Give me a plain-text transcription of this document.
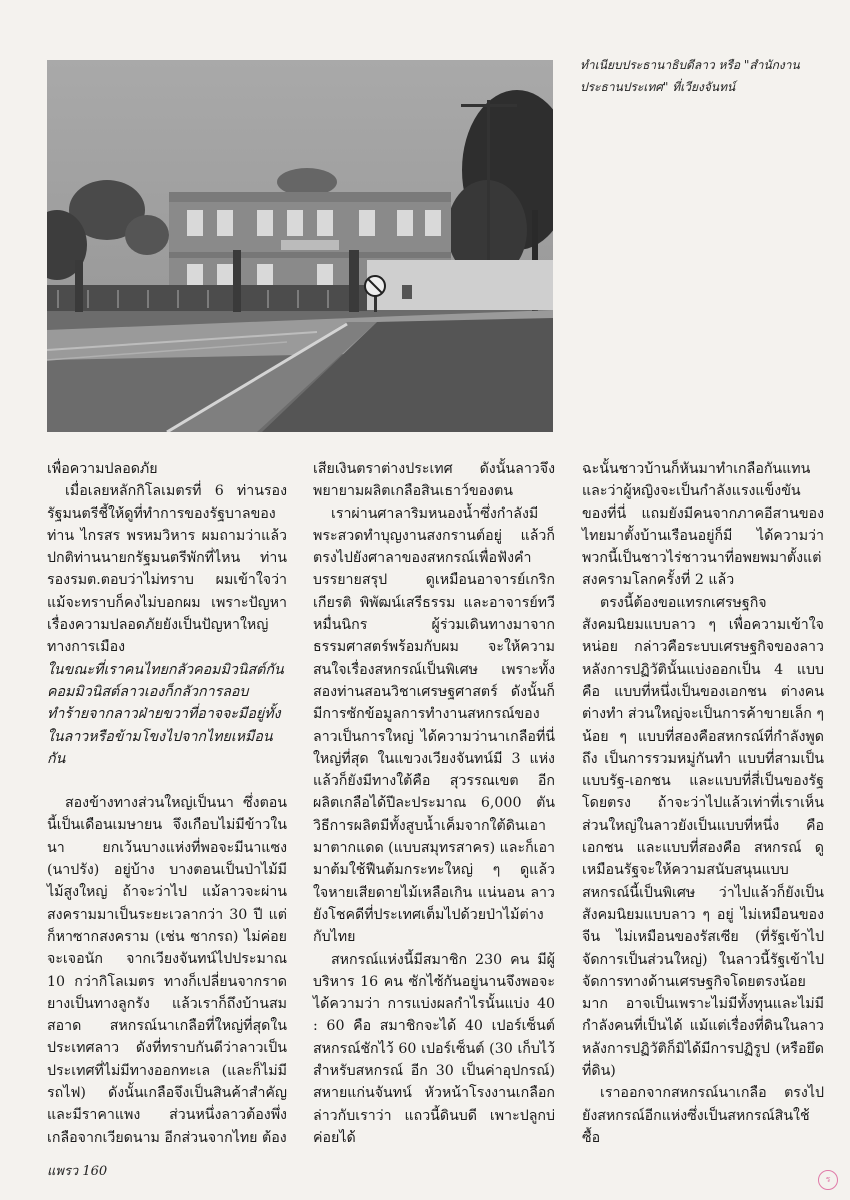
ทำเนียบประธานาธิบดีลาว หรือ "สำนักงานประธานประเทศ" ที่เวียงจันทน์

เพื่อความปลอดภัย

เมื่อเลยหลักกิโลเมตรที่ 6 ท่านรองรัฐมนตรีชี้ให้ดูที่ทำการของรัฐบาลของท่าน ไกรสร พรหมวิหาร ผมถามว่าแล้วปกติท่านนายกรัฐมนตรีพักที่ไหน ท่านรองรมต.ตอบว่าไม่ทราบ ผมเข้าใจว่าแม้จะทราบก็คงไม่บอกผม เพราะปัญหาเรื่องความปลอดภัยยังเป็นปัญหาใหญ่ทางการเมือง

ในขณะที่เราคนไทยกลัวคอมมิวนิสต์กัน คอมมิวนิสต์ลาวเองก็กลัวการลอบทำร้ายจากลาวฝ่ายขวาที่อาจจะมีอยู่ทั้งในลาวหรือข้ามโขงไปจากไทยเหมือนกัน

สองข้างทางส่วนใหญ่เป็นนา ซึ่งตอนนี้เป็นเดือนเมษายน จึงเกือบไม่มีข้าวในนา ยกเว้นบางแห่งที่พอจะมีนาแซง (นาปรัง) อยู่บ้าง บางตอนเป็นป่าไม้มีไม้สูงใหญ่ ถ้าจะว่าไป แม้ลาวจะผ่านสงครามมาเป็นระยะเวลากว่า 30 ปี แต่ก็หาซากสงคราม (เช่น ซากรถ) ไม่ค่อยจะเจอนัก จากเวียงจันทน์ไปประมาณ 10 กว่ากิโลเมตร ทางก็เปลี่ยนจากราดยางเป็นทางลูกรัง แล้วเราก็ถึงบ้านสมสอาด สหกรณ์นาเกลือที่ใหญ่ที่สุดในประเทศลาว ดังที่ทราบกันดีว่าลาวเป็นประเทศที่ไม่มีทางออกทะเล (และก็ไม่มีรถไฟ) ดังนั้นเกลือจึงเป็นสินค้าสำคัญและมีราคาแพง ส่วนหนึ่งลาวต้องพึ่งเกลือจากเวียดนาม อีกส่วนจากไทย ต้อง

เสียเงินตราต่างประเทศ ดังนั้นลาวจึงพยายามผลิตเกลือสินเธาว์ของตน

เราผ่านศาลาริมหนองน้ำซึ่งกำลังมีพระสวดทำบุญงานสงกรานต์อยู่ แล้วก็ตรงไปยังศาลาของสหกรณ์เพื่อฟังคำบรรยายสรุป ดูเหมือนอาจารย์เกริกเกียรติ พิพัฒน์เสรีธรรม และอาจารย์ทวี หมื่นนิกร ผู้ร่วมเดินทางมาจากธรรมศาสตร์พร้อมกับผม จะให้ความสนใจเรื่องสหกรณ์เป็นพิเศษ เพราะทั้งสองท่านสอนวิชาเศรษฐศาสตร์ ดังนั้นก็มีการซักข้อมูลการทำงานสหกรณ์ของลาวเป็นการใหญ่ ได้ความว่านาเกลือที่นี่ใหญ่ที่สุด ในแขวงเวียงจันทน์มี 3 แห่ง แล้วก็ยังมีทางใต้คือ สุวรรณเขต อีก ผลิตเกลือได้ปีละประมาณ 6,000 ตัน วิธีการผลิตมีทั้งสูบน้ำเค็มจากใต้ดินเอามาตากแดด (แบบสมุทรสาคร) และก็เอามาต้มใช้ฟืนต้มกระทะใหญ่ ๆ ดูแล้วใจหายเสียดายไม้เหลือเกิน แน่นอน ลาวยังโชคดีที่ประเทศเต็มไปด้วยป่าไม้ต่างกับไทย

สหกรณ์แห่งนี้มีสมาชิก 230 คน มีผู้บริหาร 16 คน ซักไซ้กันอยู่นานจึงพอจะได้ความว่า การแบ่งผลกำไรนั้นแบ่ง 40 : 60 คือ สมาชิกจะได้ 40 เปอร์เซ็นต์ สหกรณ์ชักไว้ 60 เปอร์เซ็นต์ (30 เก็บไว้สำหรับสหกรณ์ อีก 30 เป็นค่าอุปกรณ์) สหายแก่นจันทน์ หัวหน้าโรงงานเกลือกล่าวกับเราว่า แถวนี้ดินบดี เพาะปลูกบ่ค่อยได้

ฉะนั้นชาวบ้านก็หันมาทำเกลือกันแทน และว่าผู้หญิงจะเป็นกำลังแรงแข็งขันของที่นี่ แถมยังมีคนจากภาคอีสานของไทยมาตั้งบ้านเรือนอยู่ก็มี ได้ความว่าพวกนี้เป็นชาวไร่ชาวนาที่อพยพมาตั้งแต่สงครามโลกครั้งที่ 2 แล้ว

ตรงนี้ต้องขอแทรกเศรษฐกิจสังคมนิยมแบบลาว ๆ เพื่อความเข้าใจหน่อย กล่าวคือระบบเศรษฐกิจของลาวหลังการปฏิวัตินั้นแบ่งออกเป็น 4 แบบ คือ แบบที่หนึ่งเป็นของเอกชน ต่างคนต่างทำ ส่วนใหญ่จะเป็นการค้าขายเล็ก ๆ น้อย ๆ แบบที่สองคือสหกรณ์ที่กำลังพูดถึง เป็นการรวมหมู่กันทำ แบบที่สามเป็นแบบรัฐ-เอกชน และแบบที่สี่เป็นของรัฐโดยตรง ถ้าจะว่าไปแล้วเท่าที่เราเห็น ส่วนใหญ่ในลาวยังเป็นแบบที่หนึ่ง คือ เอกชน และแบบที่สองคือ สหกรณ์ ดูเหมือนรัฐจะให้ความสนับสนุนแบบสหกรณ์นี้เป็นพิเศษ ว่าไปแล้วก็ยังเป็นสังคมนิยมแบบลาว ๆ อยู่ ไม่เหมือนของจีน ไม่เหมือนของรัสเซีย (ที่รัฐเข้าไปจัดการเป็นส่วนใหญ่) ในลาวนี้รัฐเข้าไปจัดการทางด้านเศรษฐกิจโดยตรงน้อยมาก อาจเป็นเพราะไม่มีทั้งทุนและไม่มีกำลังคนที่เป็นได้ แม้แต่เรื่องที่ดินในลาวหลังการปฏิวัติก็มิได้มีการปฏิรูป (หรือยึดที่ดิน)

เราออกจากสหกรณ์นาเกลือ ตรงไปยังสหกรณ์อีกแห่งซึ่งเป็นสหกรณ์สินใช้ ซื้อ

แพรว 160
ร
